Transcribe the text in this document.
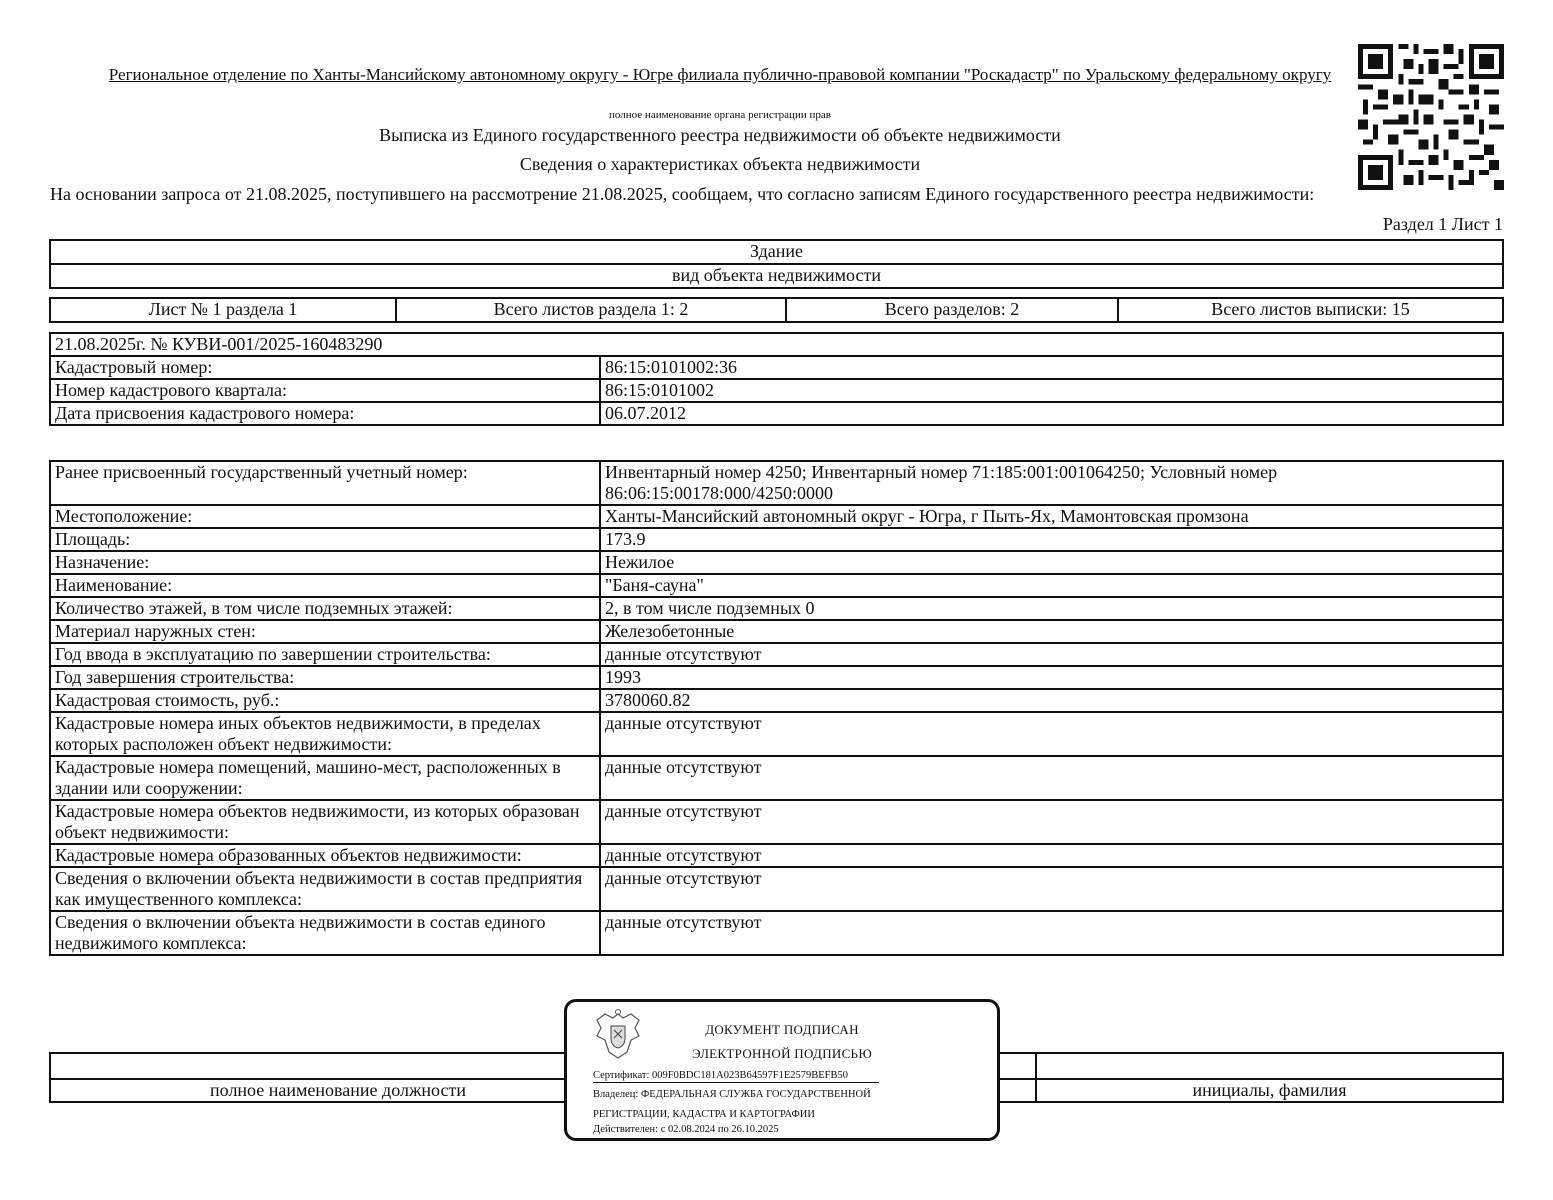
Региональное отделение по Ханты-Мансийскому автономному округу - Югре филиала публично-правовой компании "Роскадастр" по Уральскому федеральному округу
полное наименование органа регистрации прав
Выписка из Единого государственного реестра недвижимости об объекте недвижимости
Сведения о характеристиках объекта недвижимости
На основании запроса от 21.08.2025, поступившего на рассмотрение 21.08.2025, сообщаем, что согласно записям Единого государственного реестра недвижимости:
Раздел 1 Лист 1
Здание
вид объекта недвижимости
Лист № 1 раздела 1	Всего листов раздела 1: 2	Всего разделов: 2	Всего листов выписки: 15
21.08.2025г. № КУВИ-001/2025-160483290	
Кадастровый номер:	86:15:0101002:36
Номер кадастрового квартала:	86:15:0101002
Дата присвоения кадастрового номера:	06.07.2012
Ранее присвоенный государственный учетный номер:	Инвентарный номер 4250; Инвентарный номер 71:185:001:001064250; Условный номер 86:06:15:00178:000/4250:0000
Местоположение:	Ханты-Мансийский автономный округ - Югра, г Пыть-Ях, Мамонтовская промзона
Площадь:	173.9
Назначение:	Нежилое
Наименование:	"Баня-сауна"
Количество этажей, в том числе подземных этажей:	2, в том числе подземных 0
Материал наружных стен:	Железобетонные
Год ввода в эксплуатацию по завершении строительства:	данные отсутствуют
Год завершения строительства:	1993
Кадастровая стоимость, руб.:	3780060.82
Кадастровые номера иных объектов недвижимости, в пределах которых расположен объект недвижимости:	данные отсутствуют
Кадастровые номера помещений, машино-мест, расположенных в здании или сооружении:	данные отсутствуют
Кадастровые номера объектов недвижимости, из которых образован объект недвижимости:	данные отсутствуют
Кадастровые номера образованных объектов недвижимости:	данные отсутствуют
Сведения о включении объекта недвижимости в состав предприятия как имущественного комплекса:	данные отсутствуют
Сведения о включении объекта недвижимости в состав единого недвижимого комплекса:	данные отсутствуют

полное наименование должности		инициалы, фамилия
ДОКУМЕНТ ПОДПИСАН
ЭЛЕКТРОННОЙ ПОДПИСЬЮ
Сертификат: 009F0BDC181A023B64597F1E2579BEFB50
Владелец: ФЕДЕРАЛЬНАЯ СЛУЖБА ГОСУДАРСТВЕННОЙ
РЕГИСТРАЦИИ, КАДАСТРА И КАРТОГРАФИИ
Действителен: с 02.08.2024 по 26.10.2025
